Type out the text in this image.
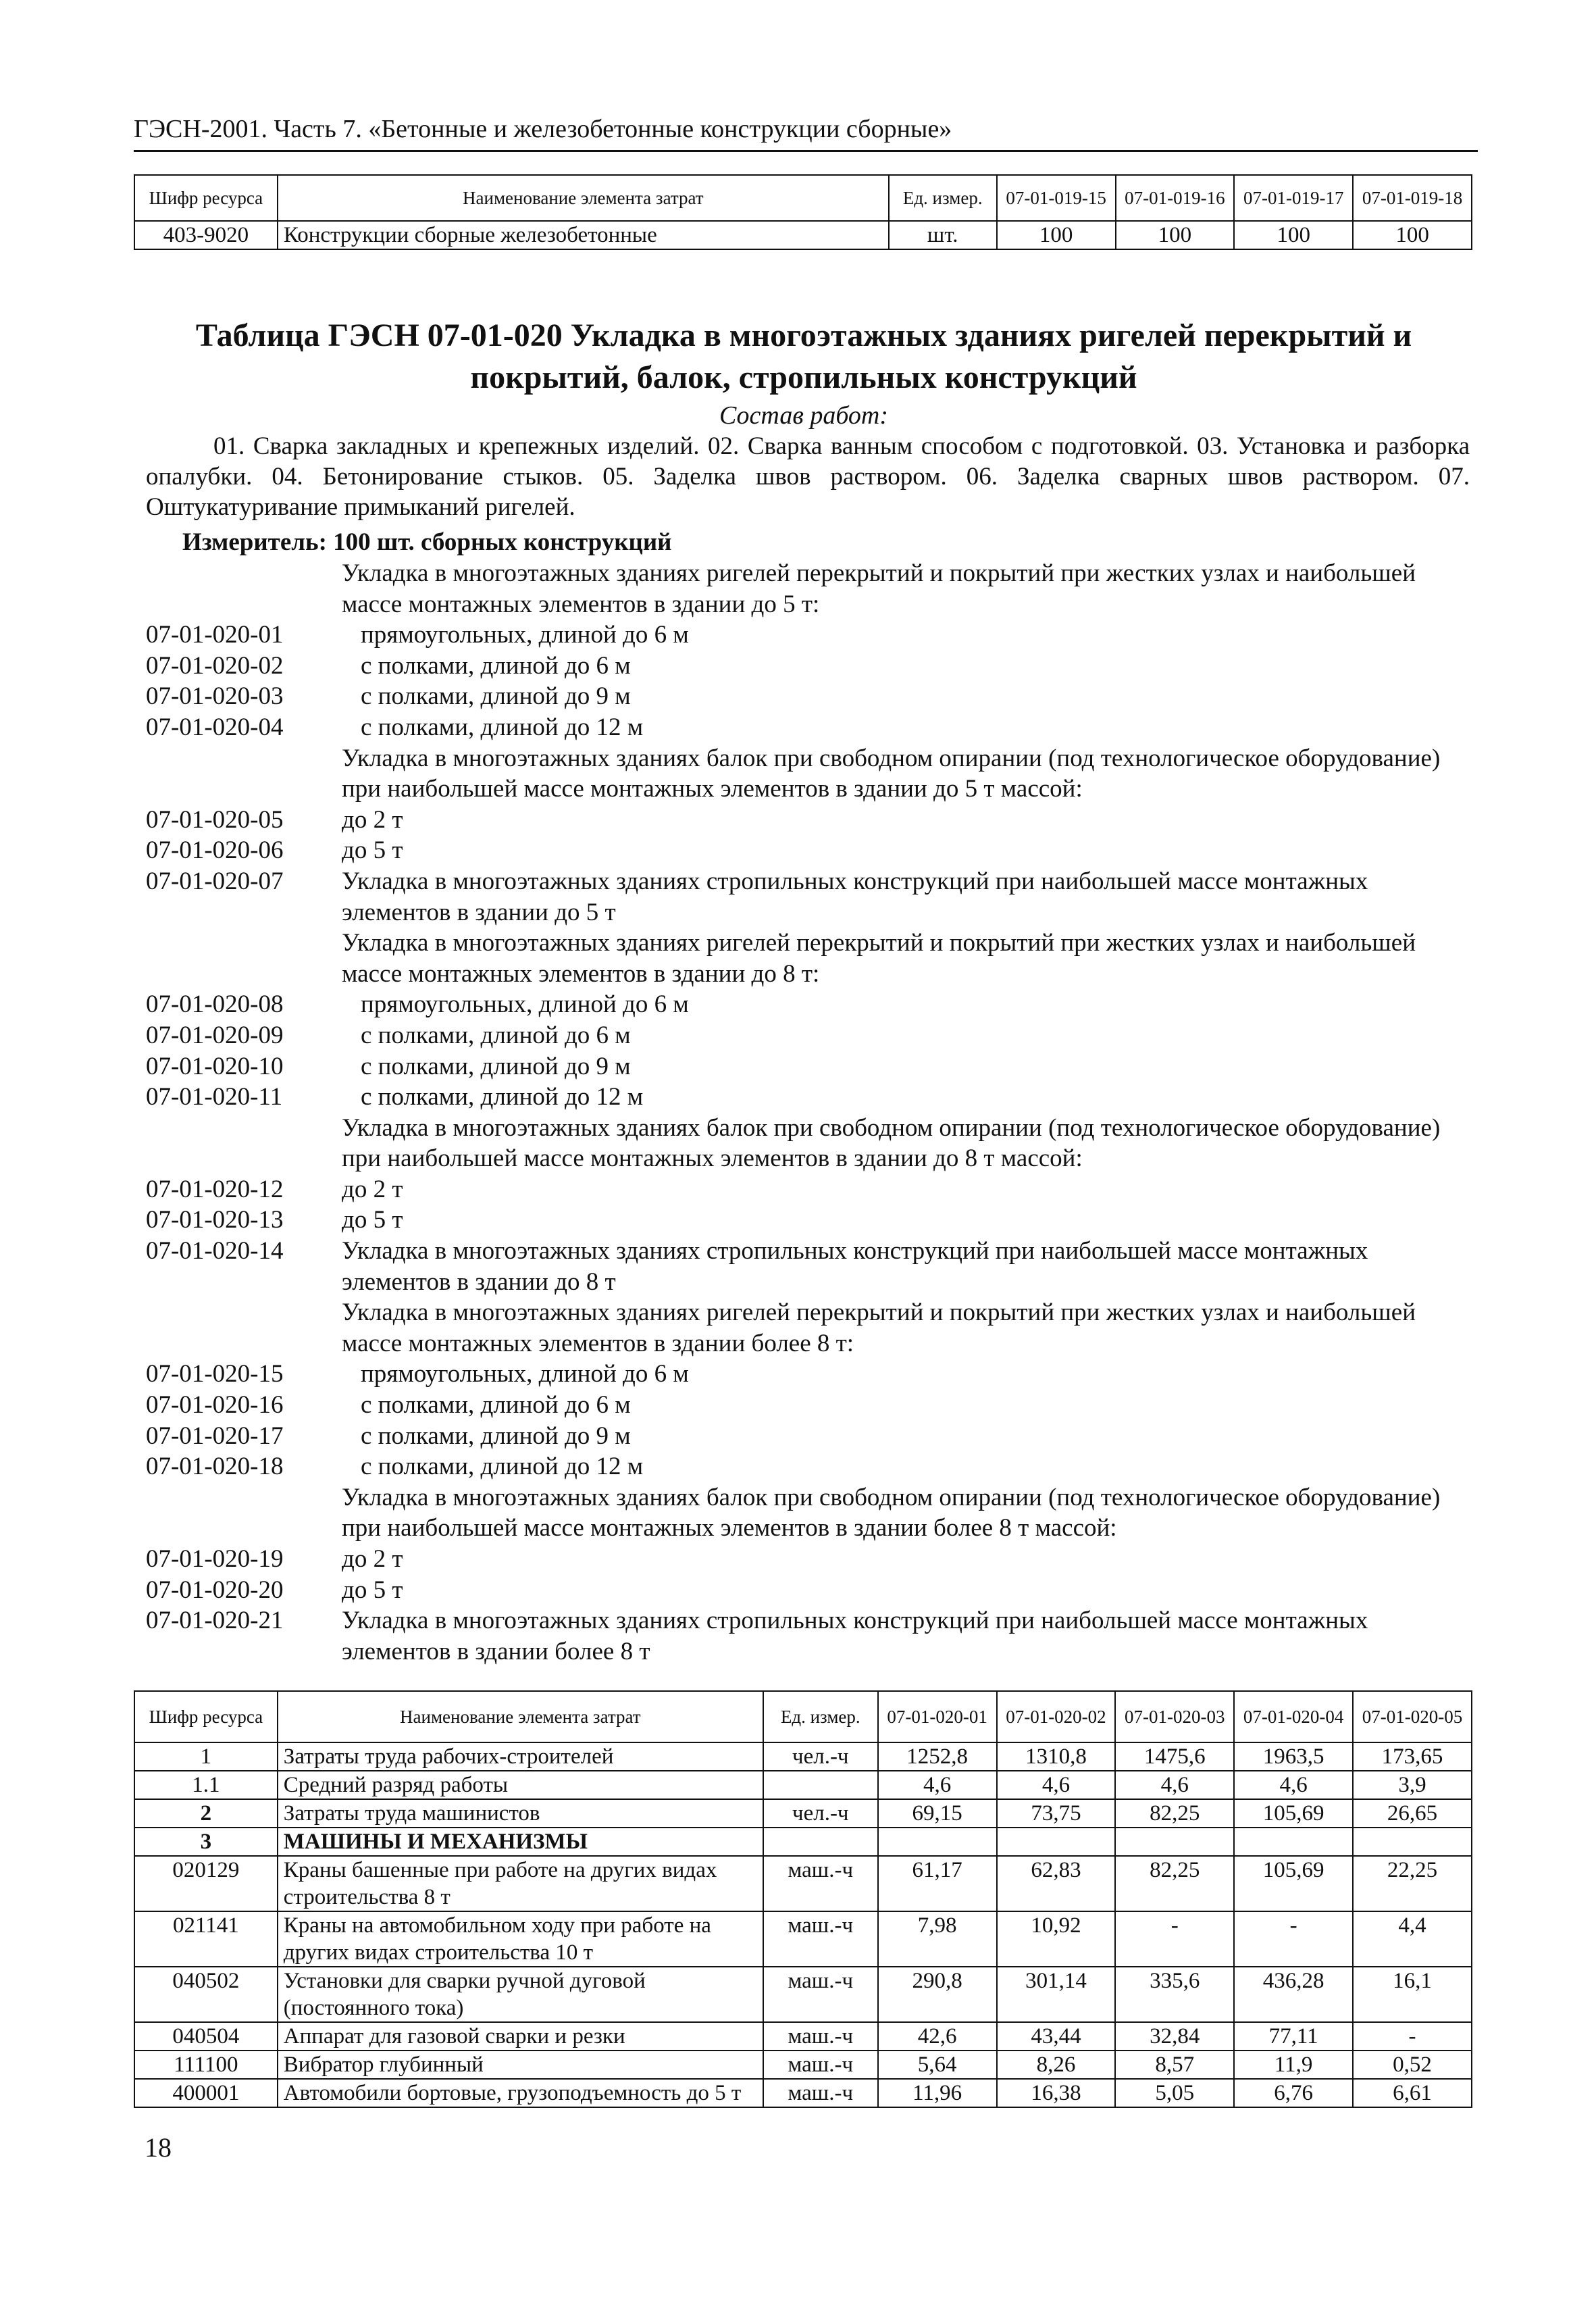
ГЭСН-2001. Часть 7. «Бетонные и железобетонные конструкции сборные»
Шифр ресурса	Наименование элемента затрат	Ед. измер.	07-01-019-15	07-01-019-16	07-01-019-17	07-01-019-18
403-9020	Конструкции сборные железобетонные	шт.	100	100	100	100
Таблица ГЭСН 07-01-020 Укладка в многоэтажных зданиях ригелей перекрытий и покрытий, балок, стропильных конструкций
Состав работ:
01. Сварка закладных и крепежных изделий. 02. Сварка ванным способом с подготовкой. 03. Установка и разборка опалубки. 04. Бетонирование стыков. 05. Заделка швов раствором. 06. Заделка сварных швов раствором. 07. Оштукатуривание примыканий ригелей.
Измеритель: 100 шт. сборных конструкций
Укладка в многоэтажных зданиях ригелей перекрытий и покрытий при жестких узлах и наибольшей массе монтажных элементов в здании до 5 т:
07-01-020-01	прямоугольных, длиной до 6 м
07-01-020-02	с полками, длиной до 6 м
07-01-020-03	с полками, длиной до 9 м
07-01-020-04	с полками, длиной до 12 м
Укладка в многоэтажных зданиях балок при свободном опирании (под технологическое оборудование) при наибольшей массе монтажных элементов в здании до 5 т массой:
07-01-020-05	до 2 т
07-01-020-06	до 5 т
07-01-020-07	Укладка в многоэтажных зданиях стропильных конструкций при наибольшей массе монтажных элементов в здании до 5 т
Укладка в многоэтажных зданиях ригелей перекрытий и покрытий при жестких узлах и наибольшей массе монтажных элементов в здании до 8 т:
07-01-020-08	прямоугольных, длиной до 6 м
07-01-020-09	с полками, длиной до 6 м
07-01-020-10	с полками, длиной до 9 м
07-01-020-11	с полками, длиной до 12 м
Укладка в многоэтажных зданиях балок при свободном опирании (под технологическое оборудование) при наибольшей массе монтажных элементов в здании до 8 т массой:
07-01-020-12	до 2 т
07-01-020-13	до 5 т
07-01-020-14	Укладка в многоэтажных зданиях стропильных конструкций при наибольшей массе монтажных элементов в здании до 8 т
Укладка в многоэтажных зданиях ригелей перекрытий и покрытий при жестких узлах и наибольшей массе монтажных элементов в здании более 8 т:
07-01-020-15	прямоугольных, длиной до 6 м
07-01-020-16	с полками, длиной до 6 м
07-01-020-17	с полками, длиной до 9 м
07-01-020-18	с полками, длиной до 12 м
Укладка в многоэтажных зданиях балок при свободном опирании (под технологическое оборудование) при наибольшей массе монтажных элементов в здании более 8 т массой:
07-01-020-19	до 2 т
07-01-020-20	до 5 т
07-01-020-21	Укладка в многоэтажных зданиях стропильных конструкций при наибольшей массе монтажных элементов в здании более 8 т
Шифр ресурса	Наименование элемента затрат	Ед. измер.	07-01-020-01	07-01-020-02	07-01-020-03	07-01-020-04	07-01-020-05
1	Затраты труда рабочих-строителей	чел.-ч	1252,8	1310,8	1475,6	1963,5	173,65
1.1	Средний разряд работы		4,6	4,6	4,6	4,6	3,9
2	Затраты труда машинистов	чел.-ч	69,15	73,75	82,25	105,69	26,65
3	МАШИНЫ И МЕХАНИЗМЫ						
020129	Краны башенные при работе на других видах строительства 8 т	маш.-ч	61,17	62,83	82,25	105,69	22,25
021141	Краны на автомобильном ходу при работе на других видах строительства 10 т	маш.-ч	7,98	10,92	-	-	4,4
040502	Установки для сварки ручной дуговой (постоянного тока)	маш.-ч	290,8	301,14	335,6	436,28	16,1
040504	Аппарат для газовой сварки и резки	маш.-ч	42,6	43,44	32,84	77,11	-
111100	Вибратор глубинный	маш.-ч	5,64	8,26	8,57	11,9	0,52
400001	Автомобили бортовые, грузоподъемность до 5 т	маш.-ч	11,96	16,38	5,05	6,76	6,61
18
